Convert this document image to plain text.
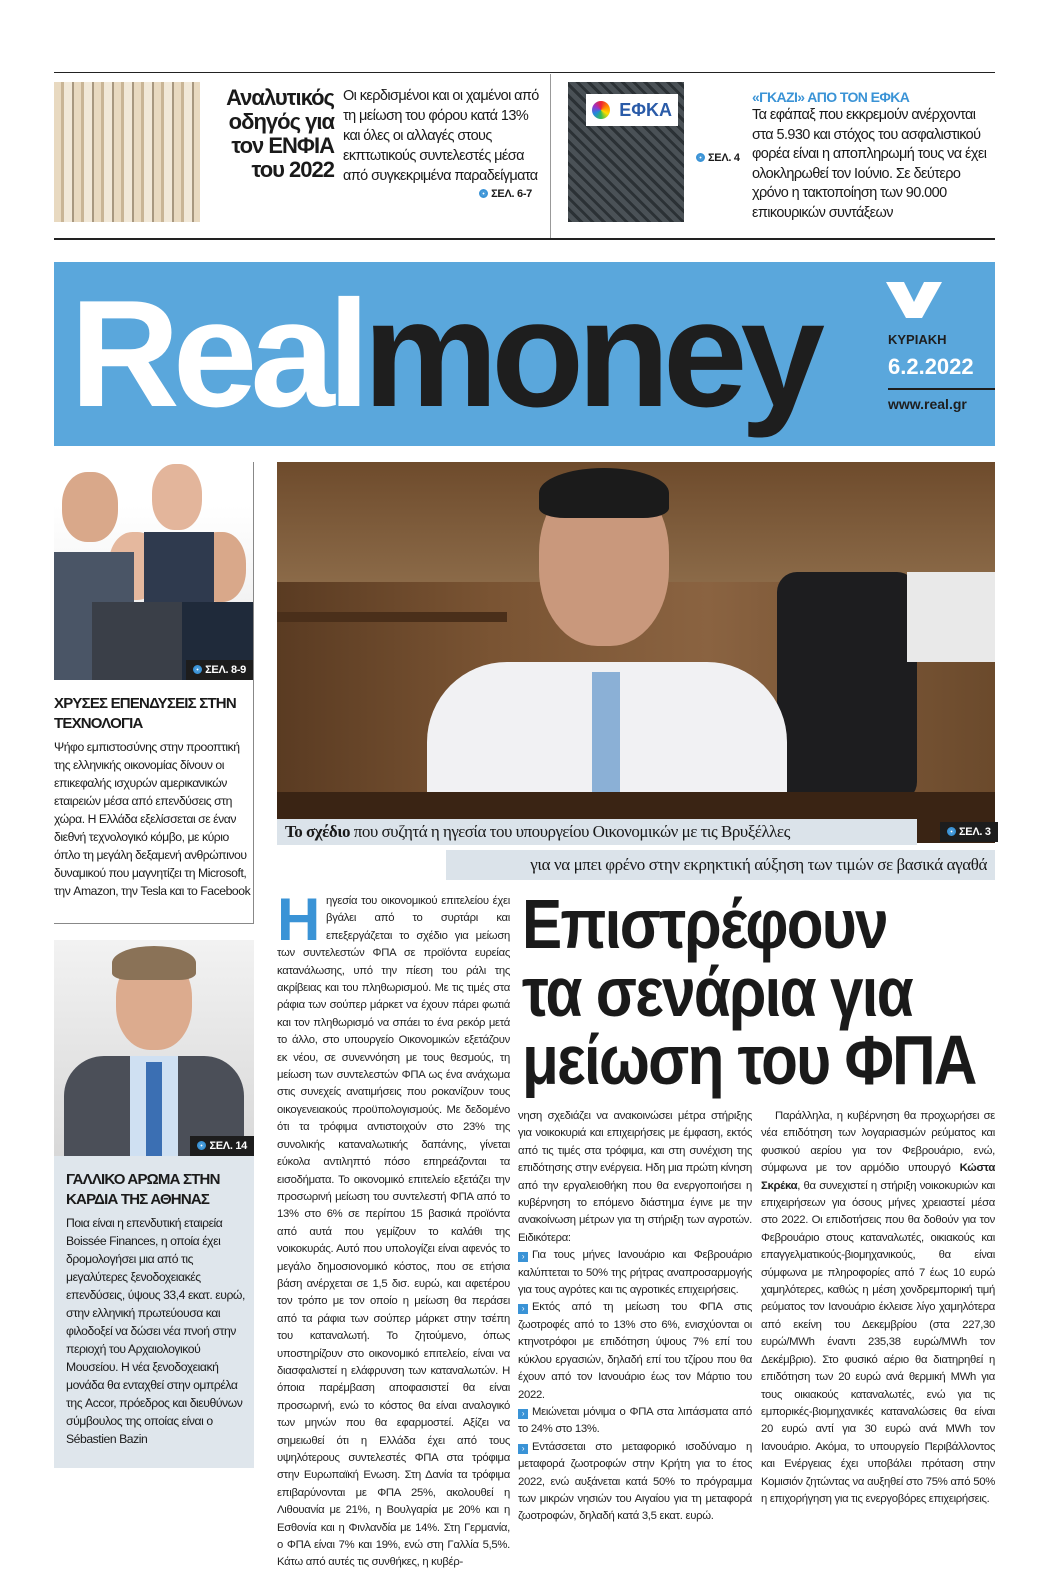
Αναλυτικός
οδηγός για
τον ΕΝΦΙΑ
του 2022
Οι κερδισμένοι και οι χαμένοι από τη μείωση του φόρου κατά 13% και όλες οι αλλαγές στους εκπτωτικούς συντελεστές μέσα από συγκεκριμένα παραδείγματα
ΣΕΛ. 6-7
ΕΦΚΑ
ΣΕΛ. 4
«ΓΚΑΖΙ» ΑΠΟ ΤΟΝ ΕΦΚΑ
Τα εφάπαξ που εκκρεμούν ανέρχονται στα 5.930 και στόχος του ασφαλιστικού φορέα είναι η αποπληρωμή τους να έχει ολοκληρωθεί τον Ιούνιο. Σε δεύτερο χρόνο η τακτοποίηση των 90.000 επικουρικών συντάξεων
Realmoney	ΚΥΡΙΑΚΗ
6.2.2022
www.real.gr
ΣΕΛ. 8-9
ΧΡΥΣΕΣ ΕΠΕΝΔΥΣΕΙΣ ΣΤΗΝ ΤΕΧΝΟΛΟΓΙΑ
Ψήφο εμπιστοσύνης στην προοπτική της ελληνικής οικονομίας δίνουν οι επικεφαλής ισχυρών αμερικανικών εταιρειών μέσα από επενδύσεις στη χώρα. Η Ελλάδα εξελίσσεται σε έναν διεθνή τεχνολογικό κόμβο, με κύριο όπλο τη μεγάλη δεξαμενή ανθρώπινου δυναμικού που μαγνητίζει τη Microsoft, την Amazon, την Tesla και το Facebook
ΣΕΛ. 14
ΓΑΛΛΙΚΟ ΑΡΩΜΑ ΣΤΗΝ ΚΑΡΔΙΑ ΤΗΣ ΑΘΗΝΑΣ
Ποια είναι η επενδυτική εταιρεία Boissée Finances, η οποία έχει δρομολογήσει μια από τις μεγαλύτερες ξενοδοχειακές επενδύσεις, ύψους 33,4 εκατ. ευρώ, στην ελληνική πρωτεύουσα και φιλοδοξεί να δώσει νέα πνοή στην περιοχή του Αρχαιολογικού Μουσείου. Η νέα ξενοδοχειακή μονάδα θα ενταχθεί στην ομπρέλα της Accor, πρόεδρος και διευθύνων σύμβουλος της οποίας είναι ο Sébastien Bazin
Το σχέδιο που συζητά η ηγεσία του υπουργείου Οικονομικών με τις Βρυξέλλες	ΣΕΛ. 3
για να μπει φρένο στην εκρηκτική αύξηση των τιμών σε βασικά αγαθά
Επιστρέφουν
τα σενάρια για
μείωση του ΦΠΑ
Ηηγεσία του οικονομικού επιτελείου έχει βγάλει από το συρτάρι και επεξεργάζεται το σχέδιο για μείωση των συντελεστών ΦΠΑ σε προϊόντα ευρείας κατανάλωσης, υπό την πίεση του ράλι της ακρίβειας και του πληθωρισμού. Με τις τιμές στα ράφια των σούπερ μάρκετ να έχουν πάρει φωτιά και τον πληθωρισμό να σπάει το ένα ρεκόρ μετά το άλλο, στο υπουργείο Οικονομικών εξετάζουν εκ νέου, σε συνεννόηση με τους θεσμούς, τη μείωση των συντελεστών ΦΠΑ ως ένα ανάχωμα στις συνεχείς ανατιμήσεις που ροκανίζουν τους οικογενειακούς προϋπολογισμούς. Με δεδομένο ότι τα τρόφιμα αντιστοιχούν στο 23% της συνολικής καταναλωτικής δαπάνης, γίνεται εύκολα αντιληπτό πόσο επηρεάζονται τα εισοδήματα. Το οικονομικό επιτελείο εξετάζει την προσωρινή μείωση του συντελεστή ΦΠΑ από το 13% στο 6% σε περίπου 15 βασικά προϊόντα από αυτά που γεμίζουν το καλάθι της νοικοκυράς. Αυτό που υπολογίζει είναι αφενός το μεγάλο δημοσιονομικό κόστος, που σε ετήσια βάση ανέρχεται σε 1,5 δισ. ευρώ, και αφετέρου τον τρόπο με τον οποίο η μείωση θα περάσει από τα ράφια των σούπερ μάρκετ στην τσέπη του καταναλωτή. Το ζητούμενο, όπως υποστηρίζουν στο οικονομικό επιτελείο, είναι να διασφαλιστεί η ελάφρυνση των καταναλωτών. Η όποια παρέμβαση αποφασιστεί θα είναι προσωρινή, ενώ το κόστος θα είναι αναλογικό των μηνών που θα εφαρμοστεί. Αξίζει να σημειωθεί ότι η Ελλάδα έχει από τους υψηλότερους συντελεστές ΦΠΑ στα τρόφιμα στην Ευρωπαϊκή Ενωση. Στη Δανία τα τρόφιμα επιβαρύνονται με ΦΠΑ 25%, ακολουθεί η Λιθουανία με 21%, η Βουλγαρία με 20% και η Εσθονία και η Φινλανδία με 14%. Στη Γερμανία, ο ΦΠΑ είναι 7% και 19%, ενώ στη Γαλλία 5,5%. Κάτω από αυτές τις συνθήκες, η κυβέρ-

νηση σχεδιάζει να ανακοινώσει μέτρα στήριξης για νοικοκυριά και επιχειρήσεις με έμφαση, εκτός από τις τιμές στα τρόφιμα, και στη συνέχιση της επιδότησης στην ενέργεια. Ηδη μια πρώτη κίνηση από την εργαλειοθήκη που θα ενεργοποιήσει η κυβέρνηση το επόμενο διάστημα έγινε με την ανακοίνωση μέτρων για τη στήριξη των αγροτών. Ειδικότερα:

› Για τους μήνες Ιανουάριο και Φεβρουάριο καλύπτεται το 50% της ρήτρας αναπροσαρμογής για τους αγρότες και τις αγροτικές επιχειρήσεις.

› Εκτός από τη μείωση του ΦΠΑ στις ζωοτροφές από το 13% στο 6%, ενισχύονται οι κτηνοτρόφοι με επιδότηση ύψους 7% επί του κύκλου εργασιών, δηλαδή επί του τζίρου που θα έχουν από τον Ιανουάριο έως τον Μάρτιο του 2022.

› Μειώνεται μόνιμα ο ΦΠΑ στα λιπάσματα από το 24% στο 13%.

› Εντάσσεται στο μεταφορικό ισοδύναμο η μεταφορά ζωοτροφών στην Κρήτη για το έτος 2022, ενώ αυξάνεται κατά 50% το πρόγραμμα των μικρών νησιών του Αιγαίου για τη μεταφορά ζωοτροφών, δηλαδή κατά 3,5 εκατ. ευρώ.

Παράλληλα, η κυβέρνηση θα προχωρήσει σε νέα επιδότηση των λογαριασμών ρεύματος και φυσικού αερίου για τον Φεβρουάριο, ενώ, σύμφωνα με τον αρμόδιο υπουργό Κώστα Σκρέκα, θα συνεχιστεί η στήριξη νοικοκυριών και επιχειρήσεων για όσους μήνες χρειαστεί μέσα στο 2022. Οι επιδοτήσεις που θα δοθούν για τον Φεβρουάριο στους καταναλωτές, οικιακούς και επαγγελματικούς-βιομηχανικούς, θα είναι σύμφωνα με πληροφορίες από 7 έως 10 ευρώ χαμηλότερες, καθώς η μέση χονδρεμπορική τιμή ρεύματος τον Ιανουάριο έκλεισε λίγο χαμηλότερα από εκείνη του Δεκεμβρίου (στα 227,30 ευρώ/MWh έναντι 235,38 ευρώ/MWh τον Δεκέμβριο). Στο φυσικό αέριο θα διατηρηθεί η επιδότηση των 20 ευρώ ανά θερμική MWh για τους οικιακούς καταναλωτές, ενώ για τις εμπορικές-βιομηχανικές καταναλώσεις θα είναι 20 ευρώ αντί για 30 ευρώ ανά MWh τον Ιανουάριο. Ακόμα, το υπουργείο Περιβάλλοντος και Ενέργειας έχει υποβάλει πρόταση στην Κομισιόν ζητώντας να αυξηθεί στο 75% από 50% η επιχορήγηση για τις ενεργοβόρες επιχειρήσεις.
